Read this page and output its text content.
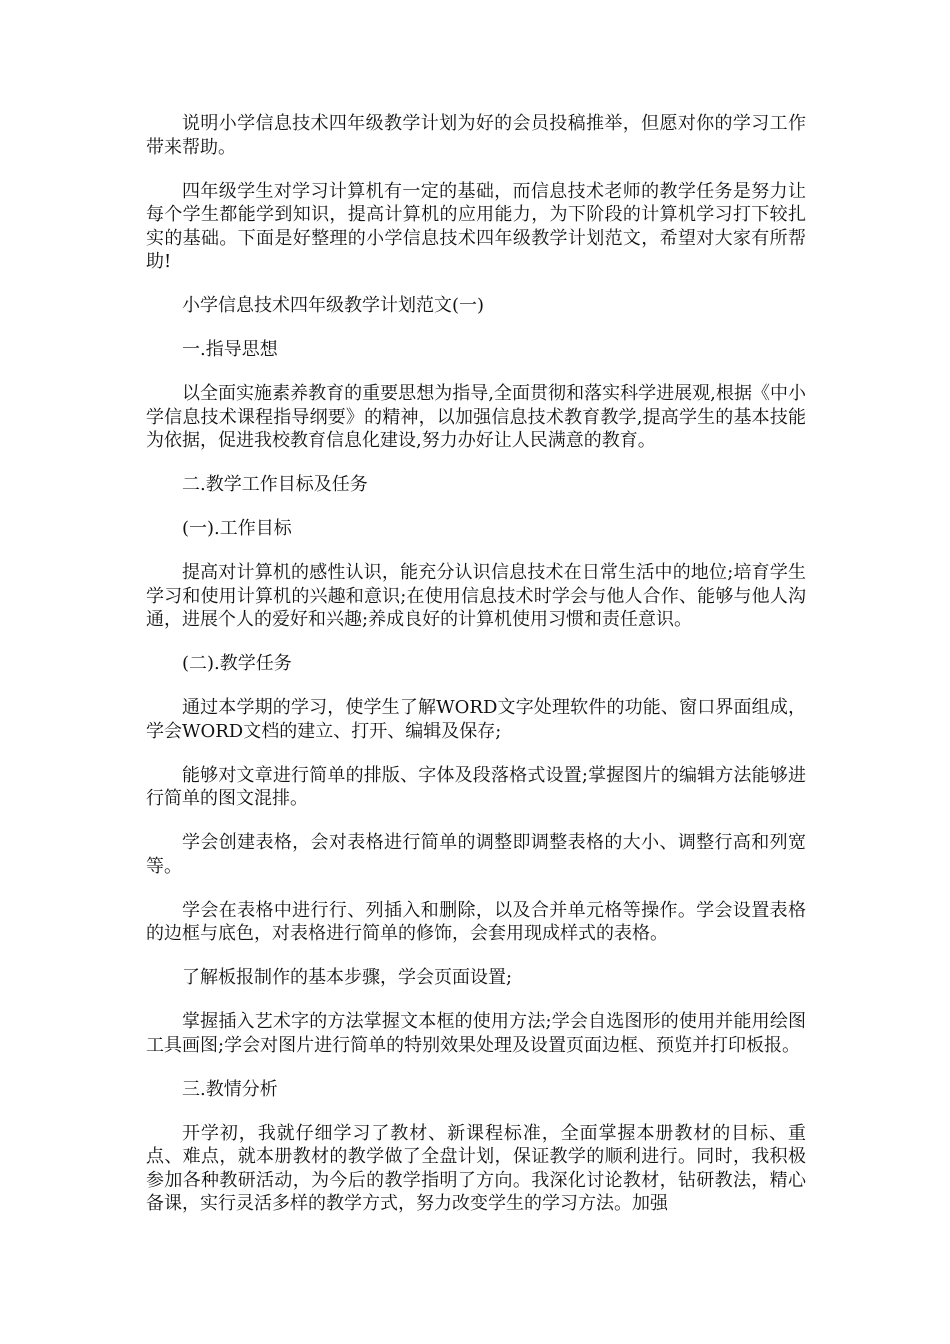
说明小学信息技术四年级教学计划为好的会员投稿推举，但愿对你的学习工作带来帮助。

四年级学生对学习计算机有一定的基础，而信息技术老师的教学任务是努力让每个学生都能学到知识，提高计算机的应用能力，为下阶段的计算机学习打下较扎实的基础。下面是好整理的小学信息技术四年级教学计划范文，希望对大家有所帮助!

小学信息技术四年级教学计划范文(一)

一.指导思想

以全面实施素养教育的重要思想为指导,全面贯彻和落实科学进展观,根据《中小学信息技术课程指导纲要》的精神，以加强信息技术教育教学,提高学生的基本技能为依据，促进我校教育信息化建设,努力办好让人民满意的教育。

二.教学工作目标及任务

(一).工作目标

提高对计算机的感性认识，能充分认识信息技术在日常生活中的地位;培育学生学习和使用计算机的兴趣和意识;在使用信息技术时学会与他人合作、能够与他人沟通，进展个人的爱好和兴趣;养成良好的计算机使用习惯和责任意识。

(二).教学任务

通过本学期的学习，使学生了解WORD文字处理软件的功能、窗口界面组成，学会WORD文档的建立、打开、编辑及保存;

能够对文章进行简单的排版、字体及段落格式设置;掌握图片的编辑方法能够进行简单的图文混排。

学会创建表格，会对表格进行简单的调整即调整表格的大小、调整行高和列宽等。

学会在表格中进行行、列插入和删除，以及合并单元格等操作。学会设置表格的边框与底色，对表格进行简单的修饰，会套用现成样式的表格。

了解板报制作的基本步骤，学会页面设置;

掌握插入艺术字的方法掌握文本框的使用方法;学会自选图形的使用并能用绘图工具画图;学会对图片进行简单的特别效果处理及设置页面边框、预览并打印板报。

三.教情分析

开学初，我就仔细学习了教材、新课程标准，全面掌握本册教材的目标、重点、难点，就本册教材的教学做了全盘计划，保证教学的顺利进行。同时，我积极参加各种教研活动，为今后的教学指明了方向。我深化讨论教材，钻研教法，精心备课，实行灵活多样的教学方式，努力改变学生的学习方法。加强
